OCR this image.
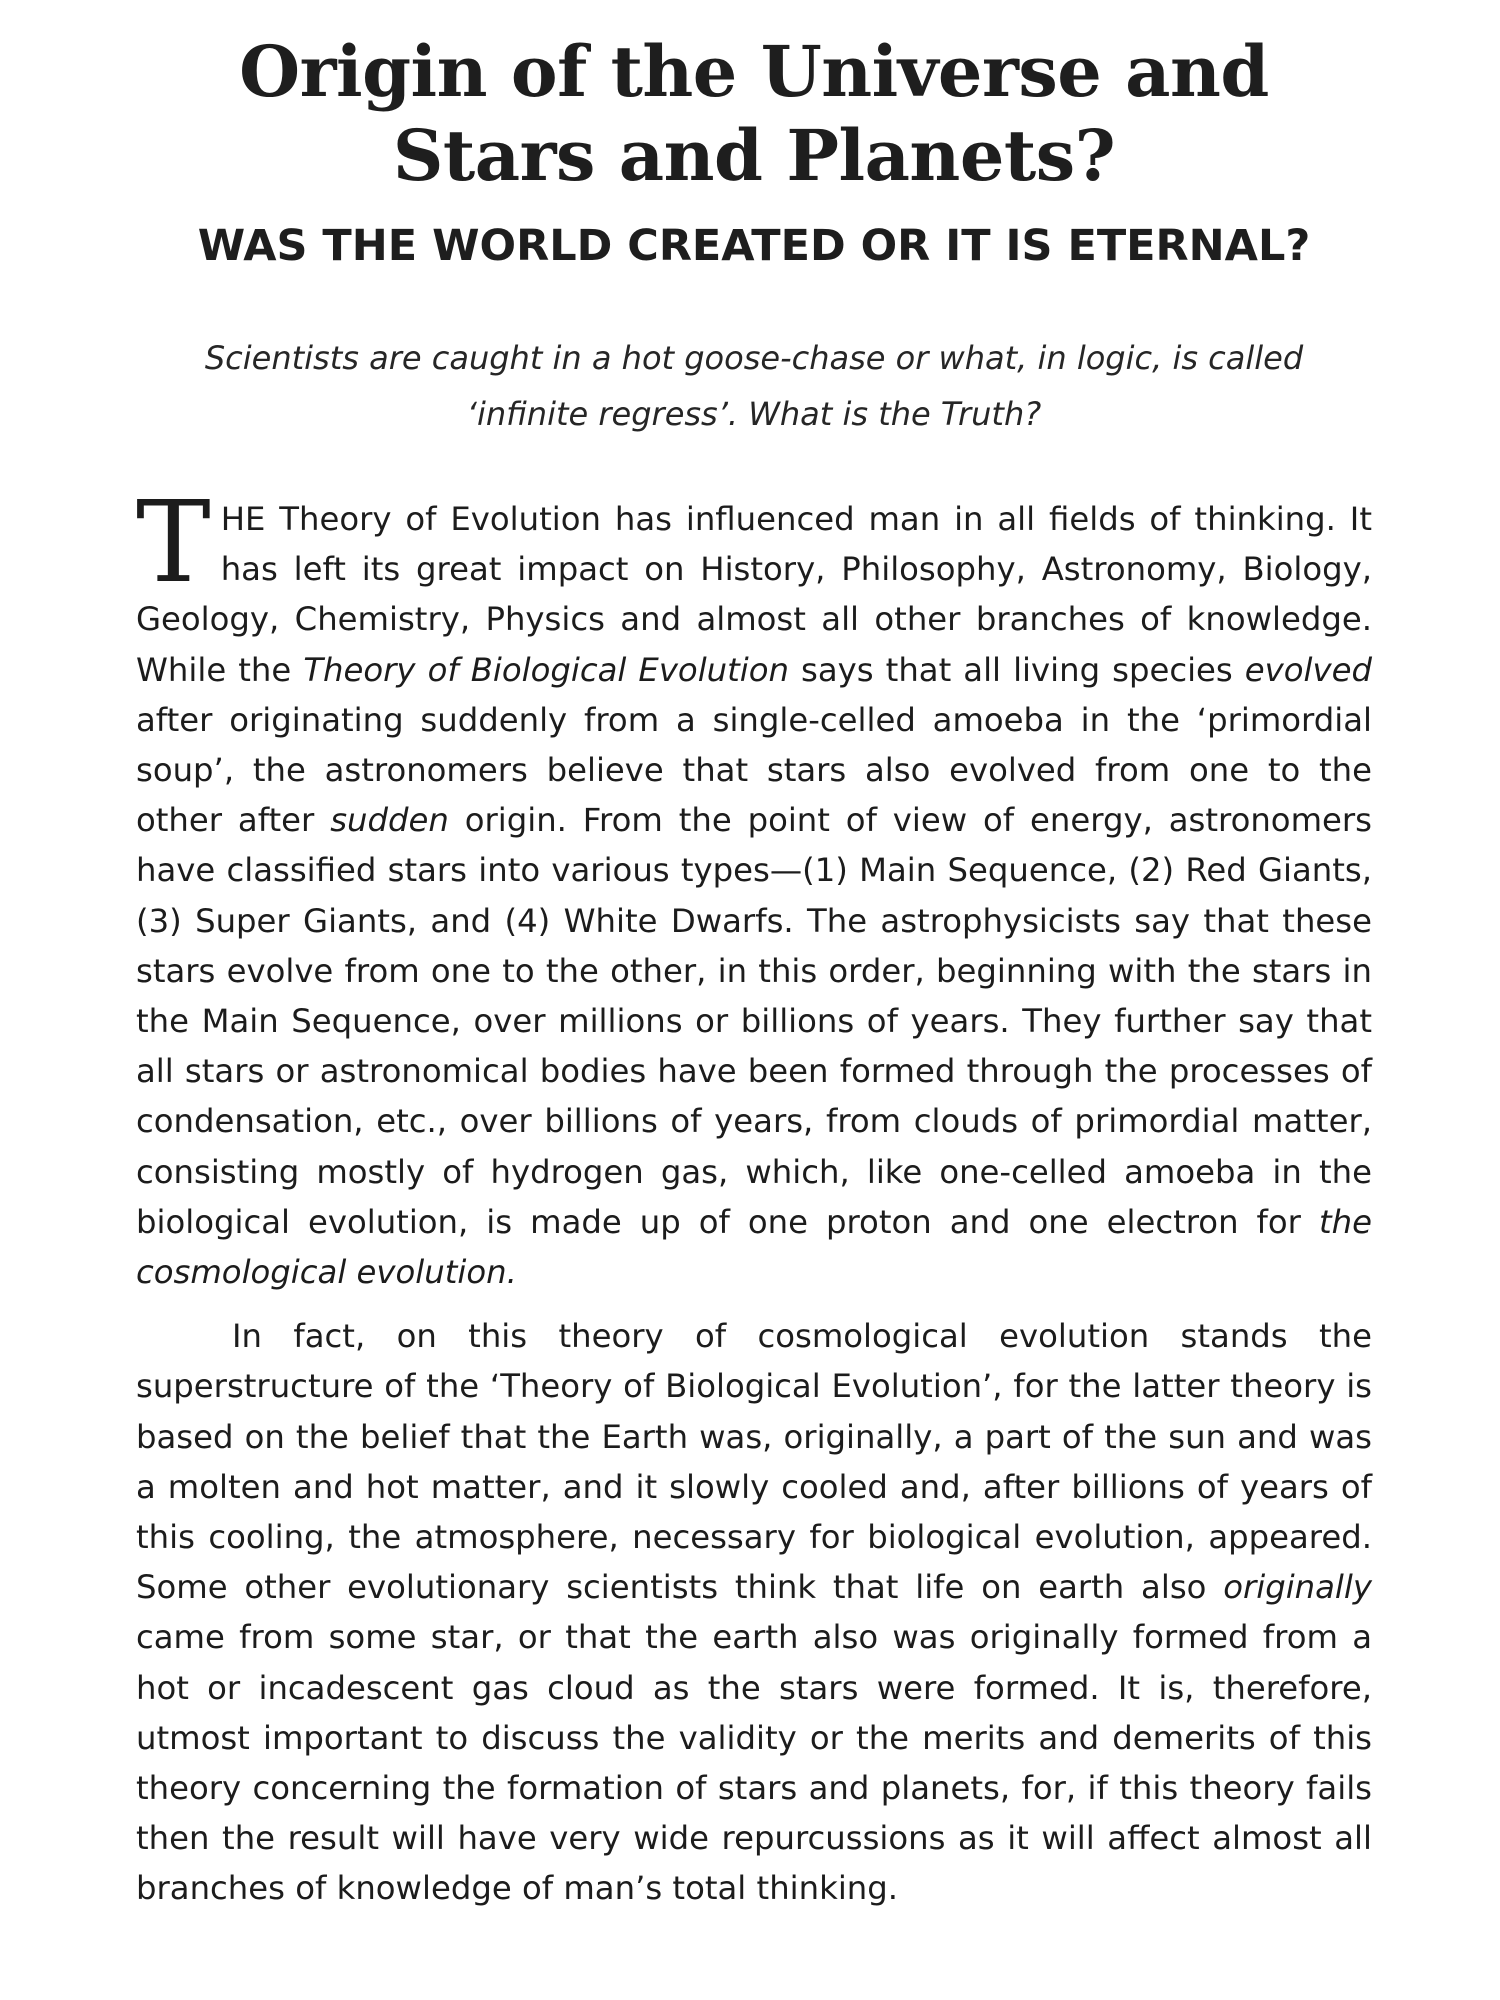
Origin of the Universe and Stars and Planets?
WAS THE WORLD CREATED OR IT IS ETERNAL?

Scientists are caught in a hot goose-chase or what, in logic, is called ‘infinite regress’. What is the Truth?

THE Theory of Evolution has influenced man in all fields of thinking. It has left its great impact on History, Philosophy, Astronomy, Biology, Geology, Chemistry, Physics and almost all other branches of knowledge. While the Theory of Biological Evolution says that all living species evolved after originating suddenly from a single-celled amoeba in the ‘primordial soup’, the astronomers believe that stars also evolved from one to the other after sudden origin. From the point of view of energy, astronomers have classified stars into various types—(1) Main Sequence, (2) Red Giants, (3) Super Giants, and (4) White Dwarfs. The astrophysicists say that these stars evolve from one to the other, in this order, beginning with the stars in the Main Sequence, over millions or billions of years. They further say that all stars or astronomical bodies have been formed through the processes of condensation, etc., over billions of years, from clouds of primordial matter, consisting mostly of hydrogen gas, which, like one-celled amoeba in the biological evolution, is made up of one proton and one electron for the cosmological evolution.

In fact, on this theory of cosmological evolution stands the superstructure of the ‘Theory of Biological Evolution’, for the latter theory is based on the belief that the Earth was, originally, a part of the sun and was a molten and hot matter, and it slowly cooled and, after billions of years of this cooling, the atmosphere, necessary for biological evolution, appeared. Some other evolutionary scientists think that life on earth also originally came from some star, or that the earth also was originally formed from a hot or incadescent gas cloud as the stars were formed. It is, therefore, utmost important to discuss the validity or the merits and demerits of this theory concerning the formation of stars and planets, for, if this theory fails then the result will have very wide repurcussions as it will affect almost all branches of knowledge of man’s total thinking.
